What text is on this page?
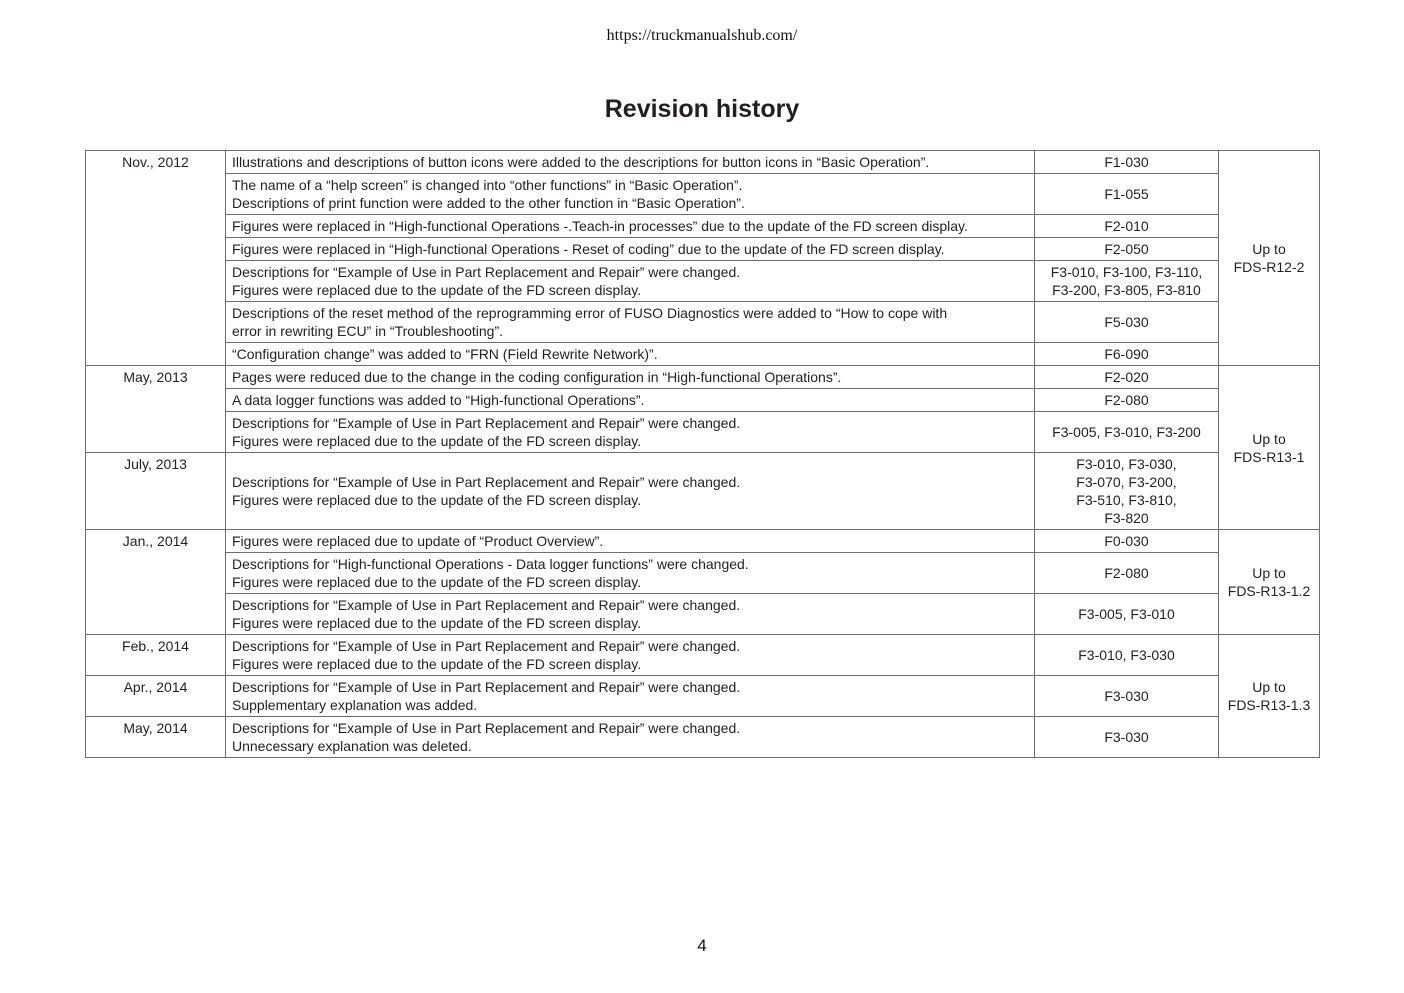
https://truckmanualshub.com/
Revision history
Nov., 2012	Illustrations and descriptions of button icons were added to the descriptions for button icons in “Basic Operation”.	F1-030	Up to
FDS-R12-2

	The name of a “help screen” is changed into “other functions” in “Basic Operation”.
Descriptions of print function were added to the other function in “Basic Operation”.	F1-055	

	Figures were replaced in “High-functional Operations -.Teach-in processes” due to the update of the FD screen display.	F2-010	

	Figures were replaced in “High-functional Operations - Reset of coding” due to the update of the FD screen display.	F2-050	

	Descriptions for “Example of Use in Part Replacement and Repair” were changed.
Figures were replaced due to the update of the FD screen display.	F3-010, F3-100, F3-110,
F3-200, F3-805, F3-810	

	Descriptions of the reset method of the reprogramming error of FUSO Diagnostics were added to “How to cope with
error in rewriting ECU” in “Troubleshooting”.	F5-030	

	“Configuration change” was added to “FRN (Field Rewrite Network)”.	F6-090	

May, 2013	Pages were reduced due to the change in the coding configuration in “High-functional Operations”.	F2-020	Up to
FDS-R13-1

	A data logger functions was added to “High-functional Operations”.	F2-080	

	Descriptions for “Example of Use in Part Replacement and Repair” were changed.
Figures were replaced due to the update of the FD screen display.	F3-005, F3-010, F3-200	

July, 2013	Descriptions for “Example of Use in Part Replacement and Repair” were changed.
Figures were replaced due to the update of the FD screen display.	F3-010, F3-030,
F3-070, F3-200,
F3-510, F3-810,
F3-820	

Jan., 2014	Figures were replaced due to update of “Product Overview”.	F0-030	Up to
FDS-R13-1.2

	Descriptions for “High-functional Operations - Data logger functions” were changed.
Figures were replaced due to the update of the FD screen display.	F2-080	

	Descriptions for “Example of Use in Part Replacement and Repair” were changed.
Figures were replaced due to the update of the FD screen display.	F3-005, F3-010	

Feb., 2014	Descriptions for “Example of Use in Part Replacement and Repair” were changed.
Figures were replaced due to the update of the FD screen display.	F3-010, F3-030	Up to
FDS-R13-1.3

Apr., 2014	Descriptions for “Example of Use in Part Replacement and Repair” were changed.
Supplementary explanation was added.	F3-030	

May, 2014	Descriptions for “Example of Use in Part Replacement and Repair” were changed.
Unnecessary explanation was deleted.	F3-030	
4
